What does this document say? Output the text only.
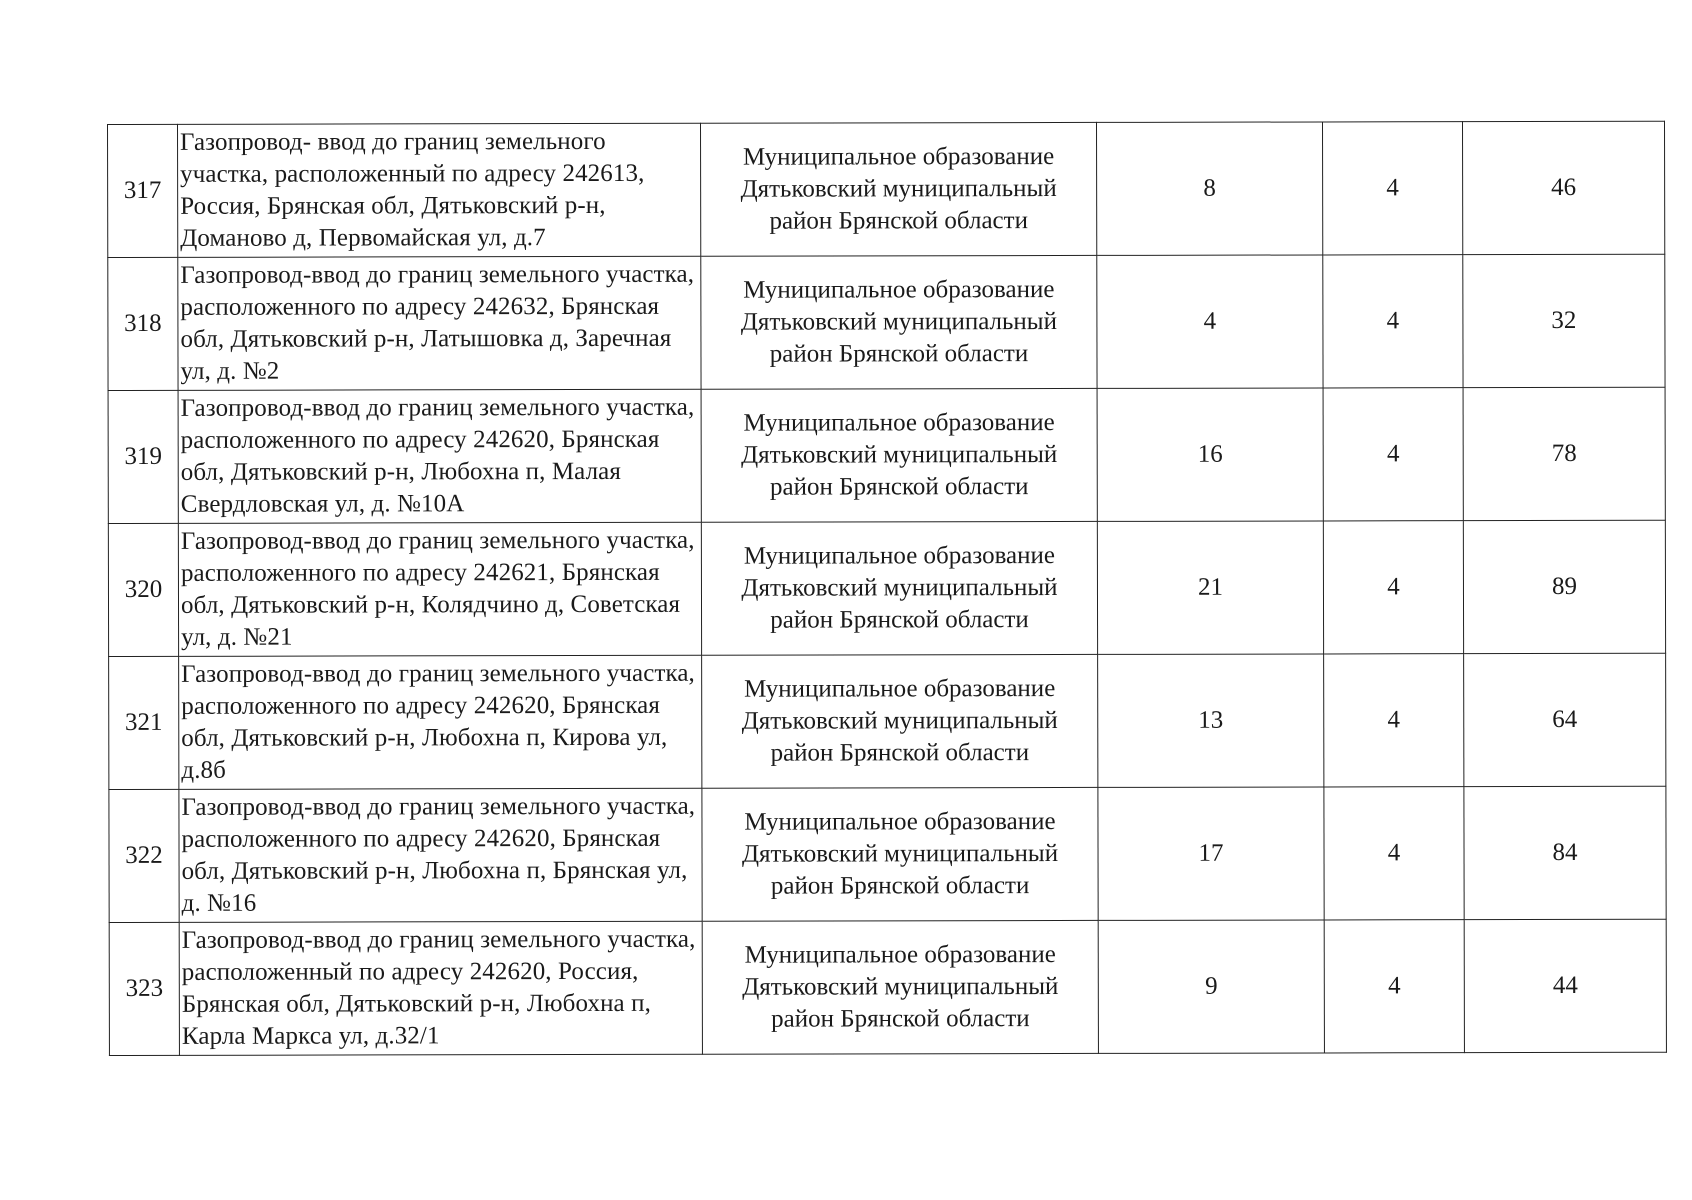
317	Газопровод- ввод до границ земельного участка, расположенный по адресу 242613, Россия, Брянская обл, Дятьковский р-н, Доманово д, Первомайская ул, д.7	Муниципальное образование
Дятьковский муниципальный
район Брянской области	8	4	46
318	Газопровод-ввод до границ земельного участка, расположенного по адресу 242632, Брянская обл, Дятьковский р-н, Латышовка д, Заречная ул, д. №2	Муниципальное образование
Дятьковский муниципальный
район Брянской области	4	4	32
319	Газопровод-ввод до границ земельного участка, расположенного по адресу 242620, Брянская обл, Дятьковский р-н, Любохна п, Малая Свердловская ул, д. №10А	Муниципальное образование
Дятьковский муниципальный
район Брянской области	16	4	78
320	Газопровод-ввод до границ земельного участка, расположенного по адресу 242621, Брянская обл, Дятьковский р-н, Колядчино д, Советская ул, д. №21	Муниципальное образование
Дятьковский муниципальный
район Брянской области	21	4	89
321	Газопровод-ввод до границ земельного участка, расположенного по адресу 242620, Брянская обл, Дятьковский р-н, Любохна п, Кирова ул, д.8б	Муниципальное образование
Дятьковский муниципальный
район Брянской области	13	4	64
322	Газопровод-ввод до границ земельного участка, расположенного по адресу 242620, Брянская обл, Дятьковский р-н, Любохна п, Брянская ул, д. №16	Муниципальное образование
Дятьковский муниципальный
район Брянской области	17	4	84
323	Газопровод-ввод до границ земельного участка, расположенный по адресу 242620, Россия, Брянская обл, Дятьковский р-н, Любохна п, Карла Маркса ул, д.32/1	Муниципальное образование
Дятьковский муниципальный
район Брянской области	9	4	44
